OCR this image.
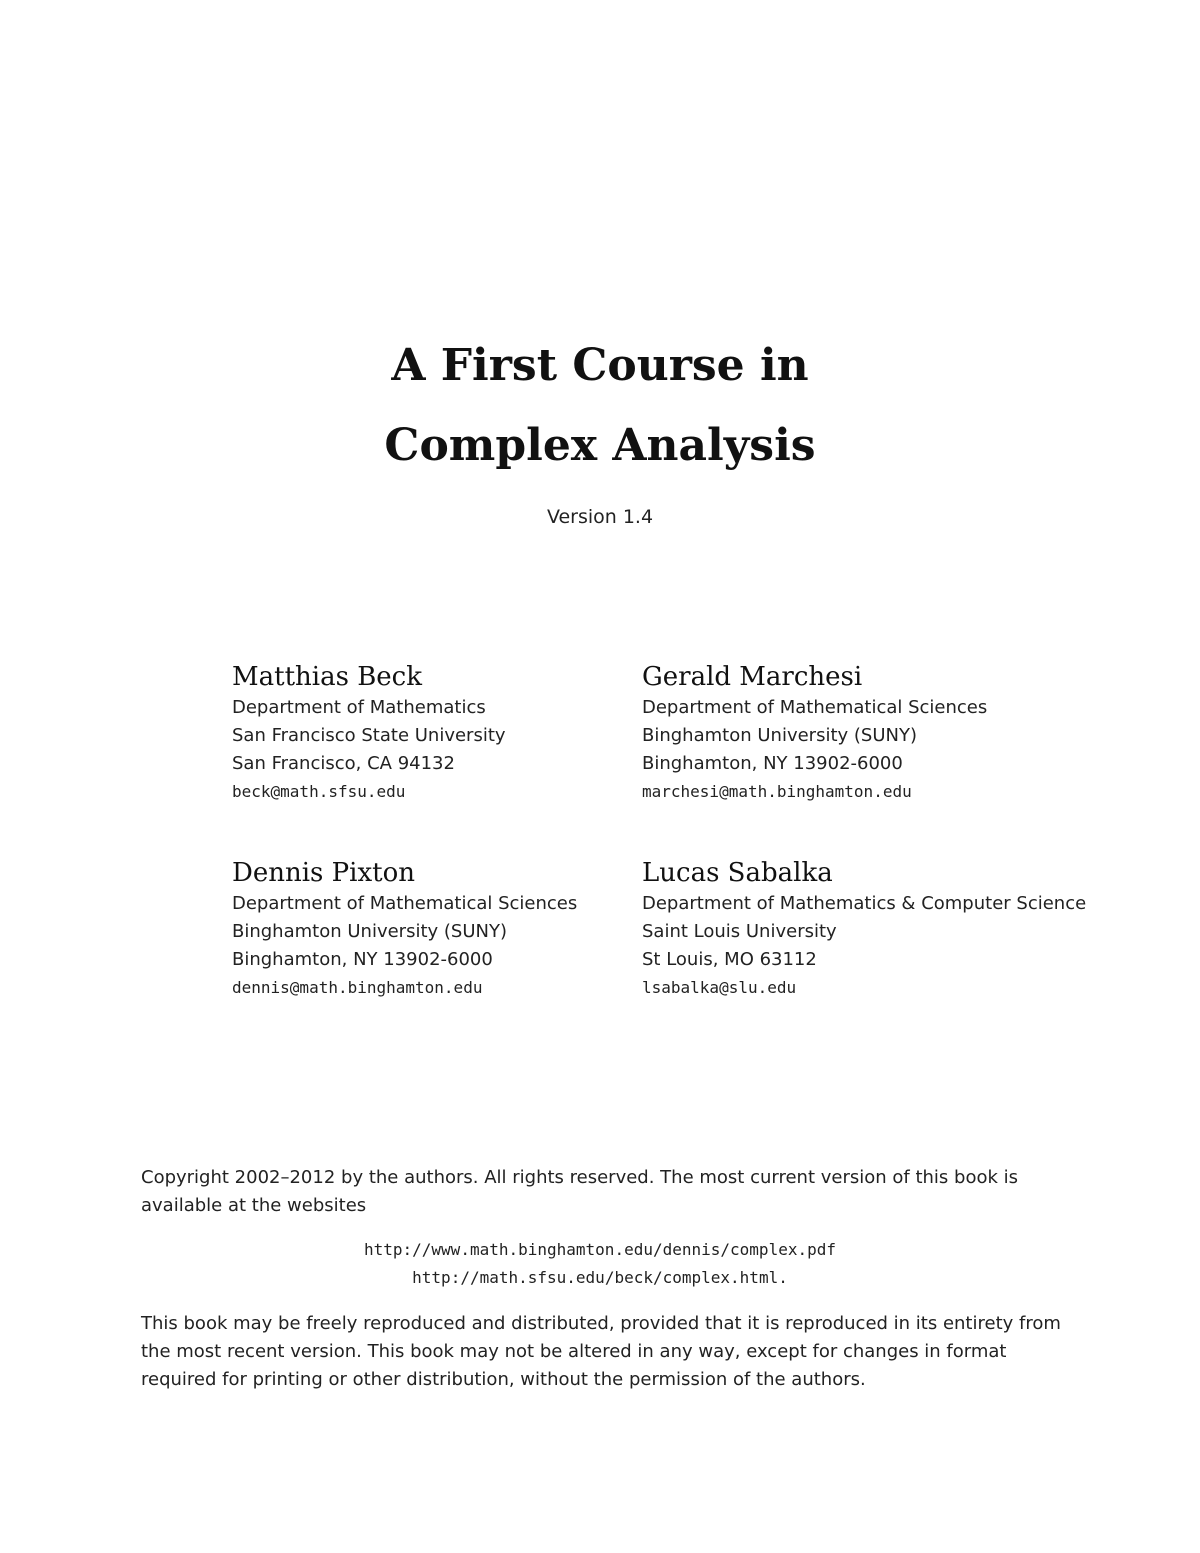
A First Course in
Complex Analysis
Version 1.4
Matthias Beck
Department of Mathematics
San Francisco State University
San Francisco, CA 94132
beck@math.sfsu.edu
Gerald Marchesi
Department of Mathematical Sciences
Binghamton University (SUNY)
Binghamton, NY 13902-6000
marchesi@math.binghamton.edu
Dennis Pixton
Department of Mathematical Sciences
Binghamton University (SUNY)
Binghamton, NY 13902-6000
dennis@math.binghamton.edu
Lucas Sabalka
Department of Mathematics & Computer Science
Saint Louis University
St Louis, MO 63112
lsabalka@slu.edu

Copyright 2002–2012 by the authors. All rights reserved. The most current version of this book is available at the websites

http://www.math.binghamton.edu/dennis/complex.pdf
http://math.sfsu.edu/beck/complex.html.

This book may be freely reproduced and distributed, provided that it is reproduced in its entirety from the most recent version. This book may not be altered in any way, except for changes in format required for printing or other distribution, without the permission of the authors.
